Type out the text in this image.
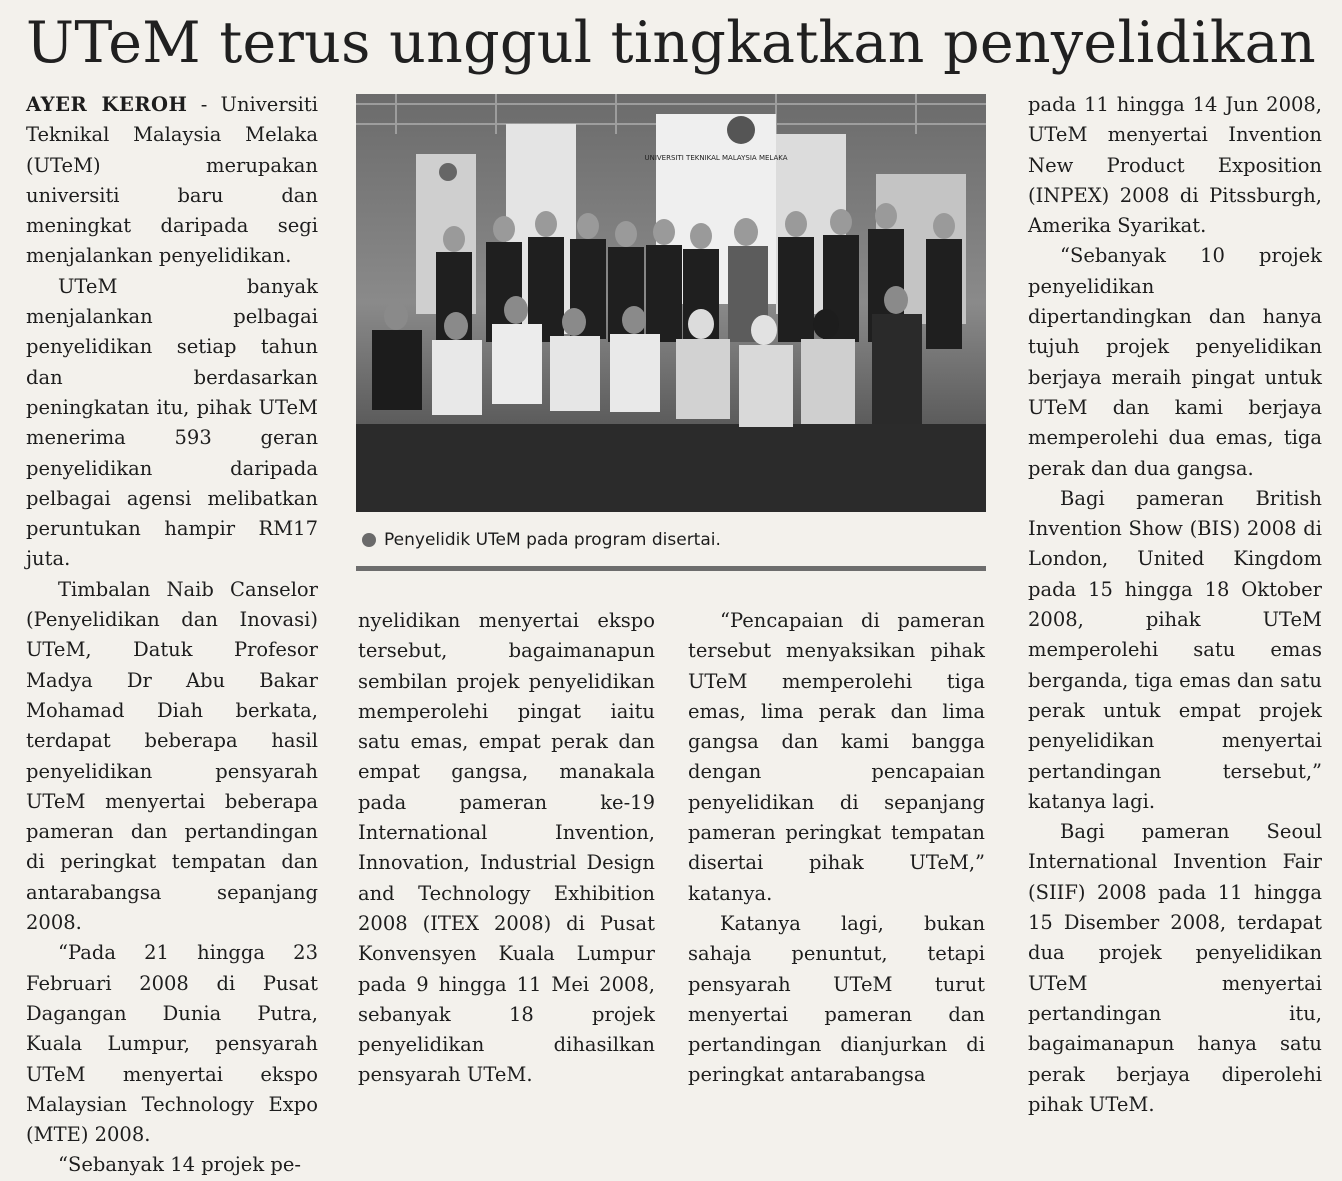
UTeM terus unggul tingkatkan penyelidikan

AYER KEROH - Universiti Teknikal Malaysia Melaka (UTeM) merupakan universiti baru dan meningkat daripada segi menjalankan penyelidikan.

UTeM banyak menjalankan pelbagai penyelidikan setiap tahun dan berdasarkan peningkatan itu, pihak UTeM menerima 593 geran penyelidikan daripada pelbagai agensi melibatkan peruntukan hampir RM17 juta.

Timbalan Naib Canselor (Penyelidikan dan Inovasi) UTeM, Datuk Profesor Madya Dr Abu Bakar Mohamad Diah berkata, terdapat beberapa hasil penyelidikan pensyarah UTeM menyertai beberapa pameran dan pertandingan di peringkat tempatan dan antarabangsa sepanjang 2008.

“Pada 21 hingga 23 Februari 2008 di Pusat Dagangan Dunia Putra, Kuala Lumpur, pensyarah UTeM menyertai ekspo Malaysian Technology Expo (MTE) 2008.

“Sebanyak 14 projek pe-

UNIVERSITI TEKNIKAL MALAYSIA MELAKA
Penyelidik UTeM pada program disertai.

nyelidikan menyertai ekspo tersebut, bagaimanapun sembilan projek penyelidikan memperolehi pingat iaitu satu emas, empat perak dan empat gangsa, manakala pada pameran ke-19 International Invention, Innovation, Industrial Design and Technology Exhibition 2008 (ITEX 2008) di Pusat Konvensyen Kuala Lumpur pada 9 hingga 11 Mei 2008, sebanyak 18 projek penyelidikan dihasilkan pensyarah UTeM.

“Pencapaian di pameran tersebut menyaksikan pihak UTeM memperolehi tiga emas, lima perak dan lima gangsa dan kami bangga dengan pencapaian penyelidikan di sepanjang pameran peringkat tempatan disertai pihak UTeM,” katanya.

Katanya lagi, bukan sahaja penuntut, tetapi pensyarah UTeM turut menyertai pameran dan pertandingan dianjurkan di peringkat antarabangsa

pada 11 hingga 14 Jun 2008, UTeM menyertai Invention New Product Exposition (INPEX) 2008 di Pitssburgh, Amerika Syarikat.

“Sebanyak 10 projek penyelidikan dipertandingkan dan hanya tujuh projek penyelidikan berjaya meraih pingat untuk UTeM dan kami berjaya memperolehi dua emas, tiga perak dan dua gangsa.

Bagi pameran British Invention Show (BIS) 2008 di London, United Kingdom pada 15 hingga 18 Oktober 2008, pihak UTeM memperolehi satu emas berganda, tiga emas dan satu perak untuk empat projek penyelidikan menyertai pertandingan tersebut,” katanya lagi.

Bagi pameran Seoul International Invention Fair (SIIF) 2008 pada 11 hingga 15 Disember 2008, terdapat dua projek penyelidikan UTeM menyertai pertandingan itu, bagaimanapun hanya satu perak berjaya diperolehi pihak UTeM.
